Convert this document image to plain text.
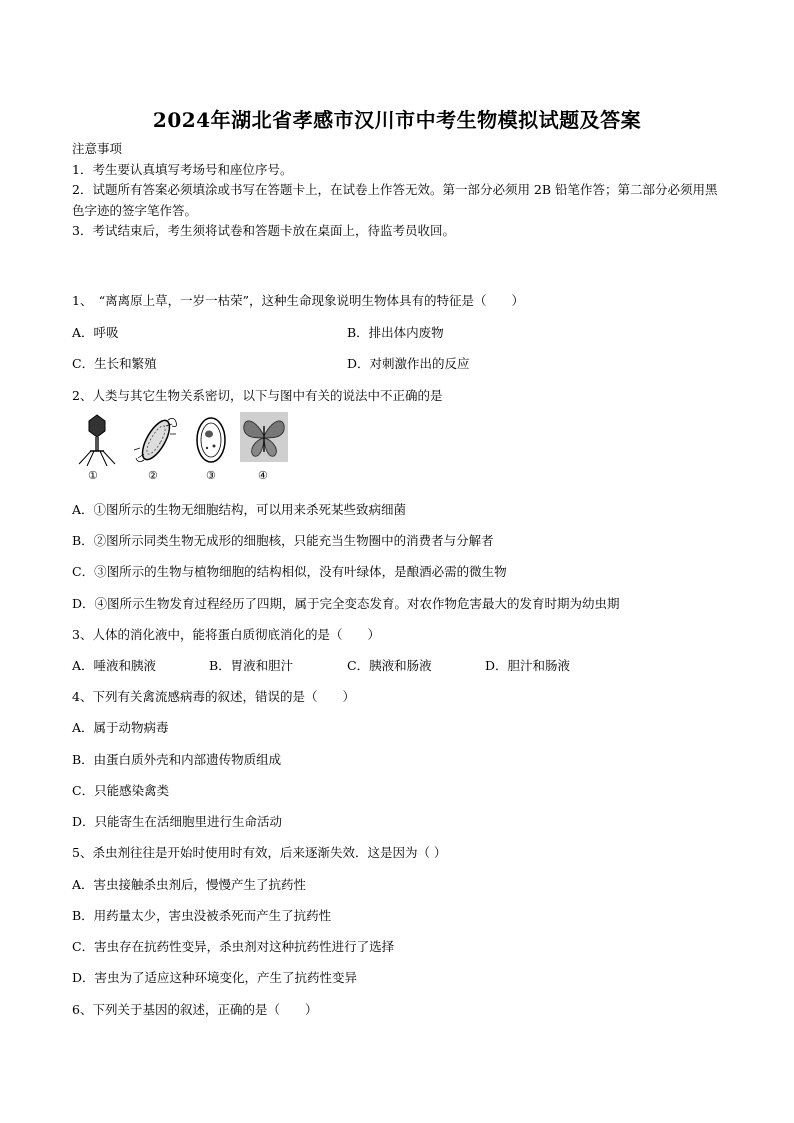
2024年湖北省孝感市汉川市中考生物模拟试题及答案
注意事项
1．考生要认真填写考场号和座位序号。
2．试题所有答案必须填涂或书写在答题卡上，在试卷上作答无效。第一部分必须用 2B 铅笔作答；第二部分必须用黑色字迹的签字笔作答。
3．考试结束后，考生须将试卷和答题卡放在桌面上，待监考员收回。
1、　“离离原上草，一岁一枯荣”，这种生命现象说明生物体具有的特征是（　　）
A．呼吸	B．排出体内废物
C．生长和繁殖	D．对刺激作出的反应
2、人类与其它生物关系密切，以下与图中有关的说法中不正确的是
①	②	③	④
A．①图所示的生物无细胞结构，可以用来杀死某些致病细菌
B．②图所示同类生物无成形的细胞核，只能充当生物圈中的消费者与分解者
C．③图所示的生物与植物细胞的结构相似，没有叶绿体，是酿酒必需的微生物
D．④图所示生物发育过程经历了四期，属于完全变态发育。对农作物危害最大的发育时期为幼虫期
3、人体的消化液中，能将蛋白质彻底消化的是（　　）
A．唾液和胰液	B．胃液和胆汁	C．胰液和肠液	D．胆汁和肠液
4、下列有关禽流感病毒的叙述，错误的是（　　）
A．属于动物病毒
B．由蛋白质外壳和内部遗传物质组成
C．只能感染禽类
D．只能寄生在活细胞里进行生命活动
5、杀虫剂往往是开始时使用时有效，后来逐渐失效．这是因为（ ）
A．害虫接触杀虫剂后，慢慢产生了抗药性
B．用药量太少，害虫没被杀死而产生了抗药性
C．害虫存在抗药性变异，杀虫剂对这种抗药性进行了选择
D．害虫为了适应这种环境变化，产生了抗药性变异
6、下列关于基因的叙述，正确的是（　　）
